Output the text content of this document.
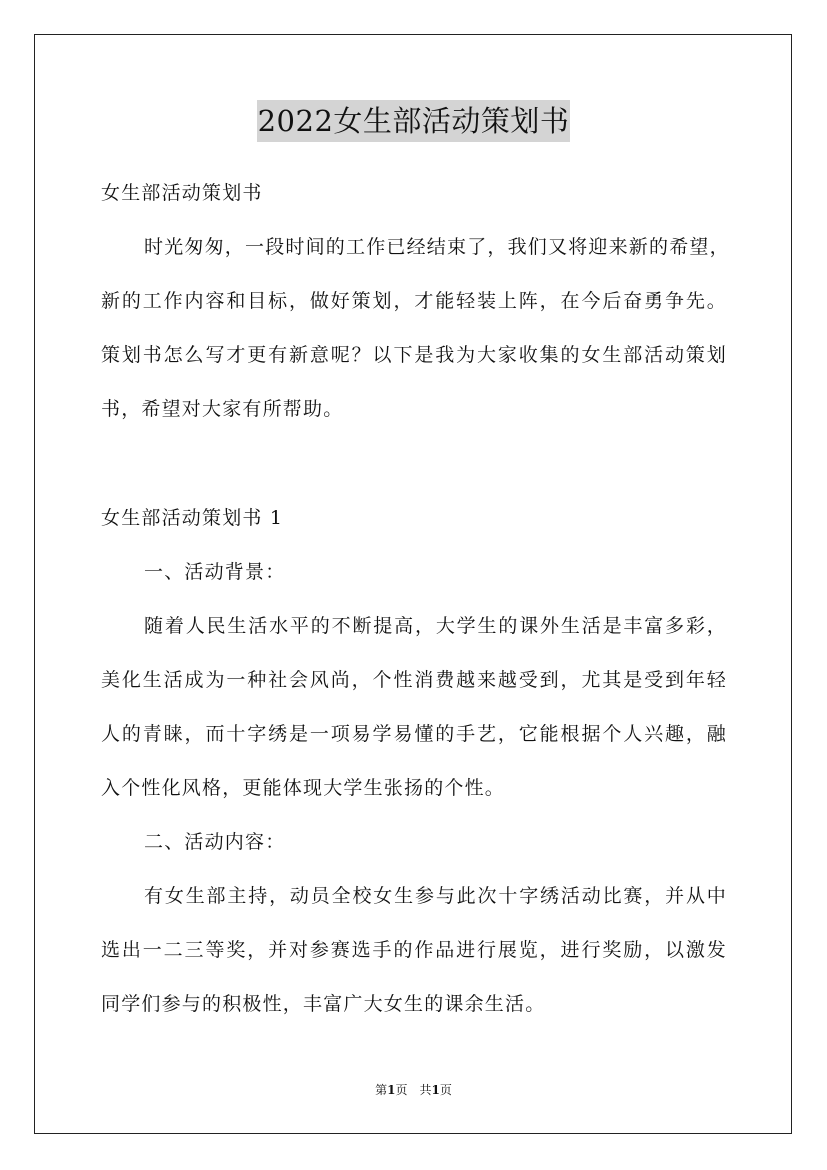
2022女生部活动策划书
女生部活动策划书
时光匆匆，一段时间的工作已经结束了，我们又将迎来新的希望，
新的工作内容和目标，做好策划，才能轻装上阵，在今后奋勇争先。
策划书怎么写才更有新意呢？以下是我为大家收集的女生部活动策划
书，希望对大家有所帮助。
女生部活动策划书 1
一、活动背景：
随着人民生活水平的不断提高，大学生的课外生活是丰富多彩，
美化生活成为一种社会风尚，个性消费越来越受到，尤其是受到年轻
人的青睐，而十字绣是一项易学易懂的手艺，它能根据个人兴趣，融
入个性化风格，更能体现大学生张扬的个性。
二、活动内容：
有女生部主持，动员全校女生参与此次十字绣活动比赛，并从中
选出一二三等奖，并对参赛选手的作品进行展览，进行奖励，以激发
同学们参与的积极性，丰富广大女生的课余生活。
第1页　共1页
